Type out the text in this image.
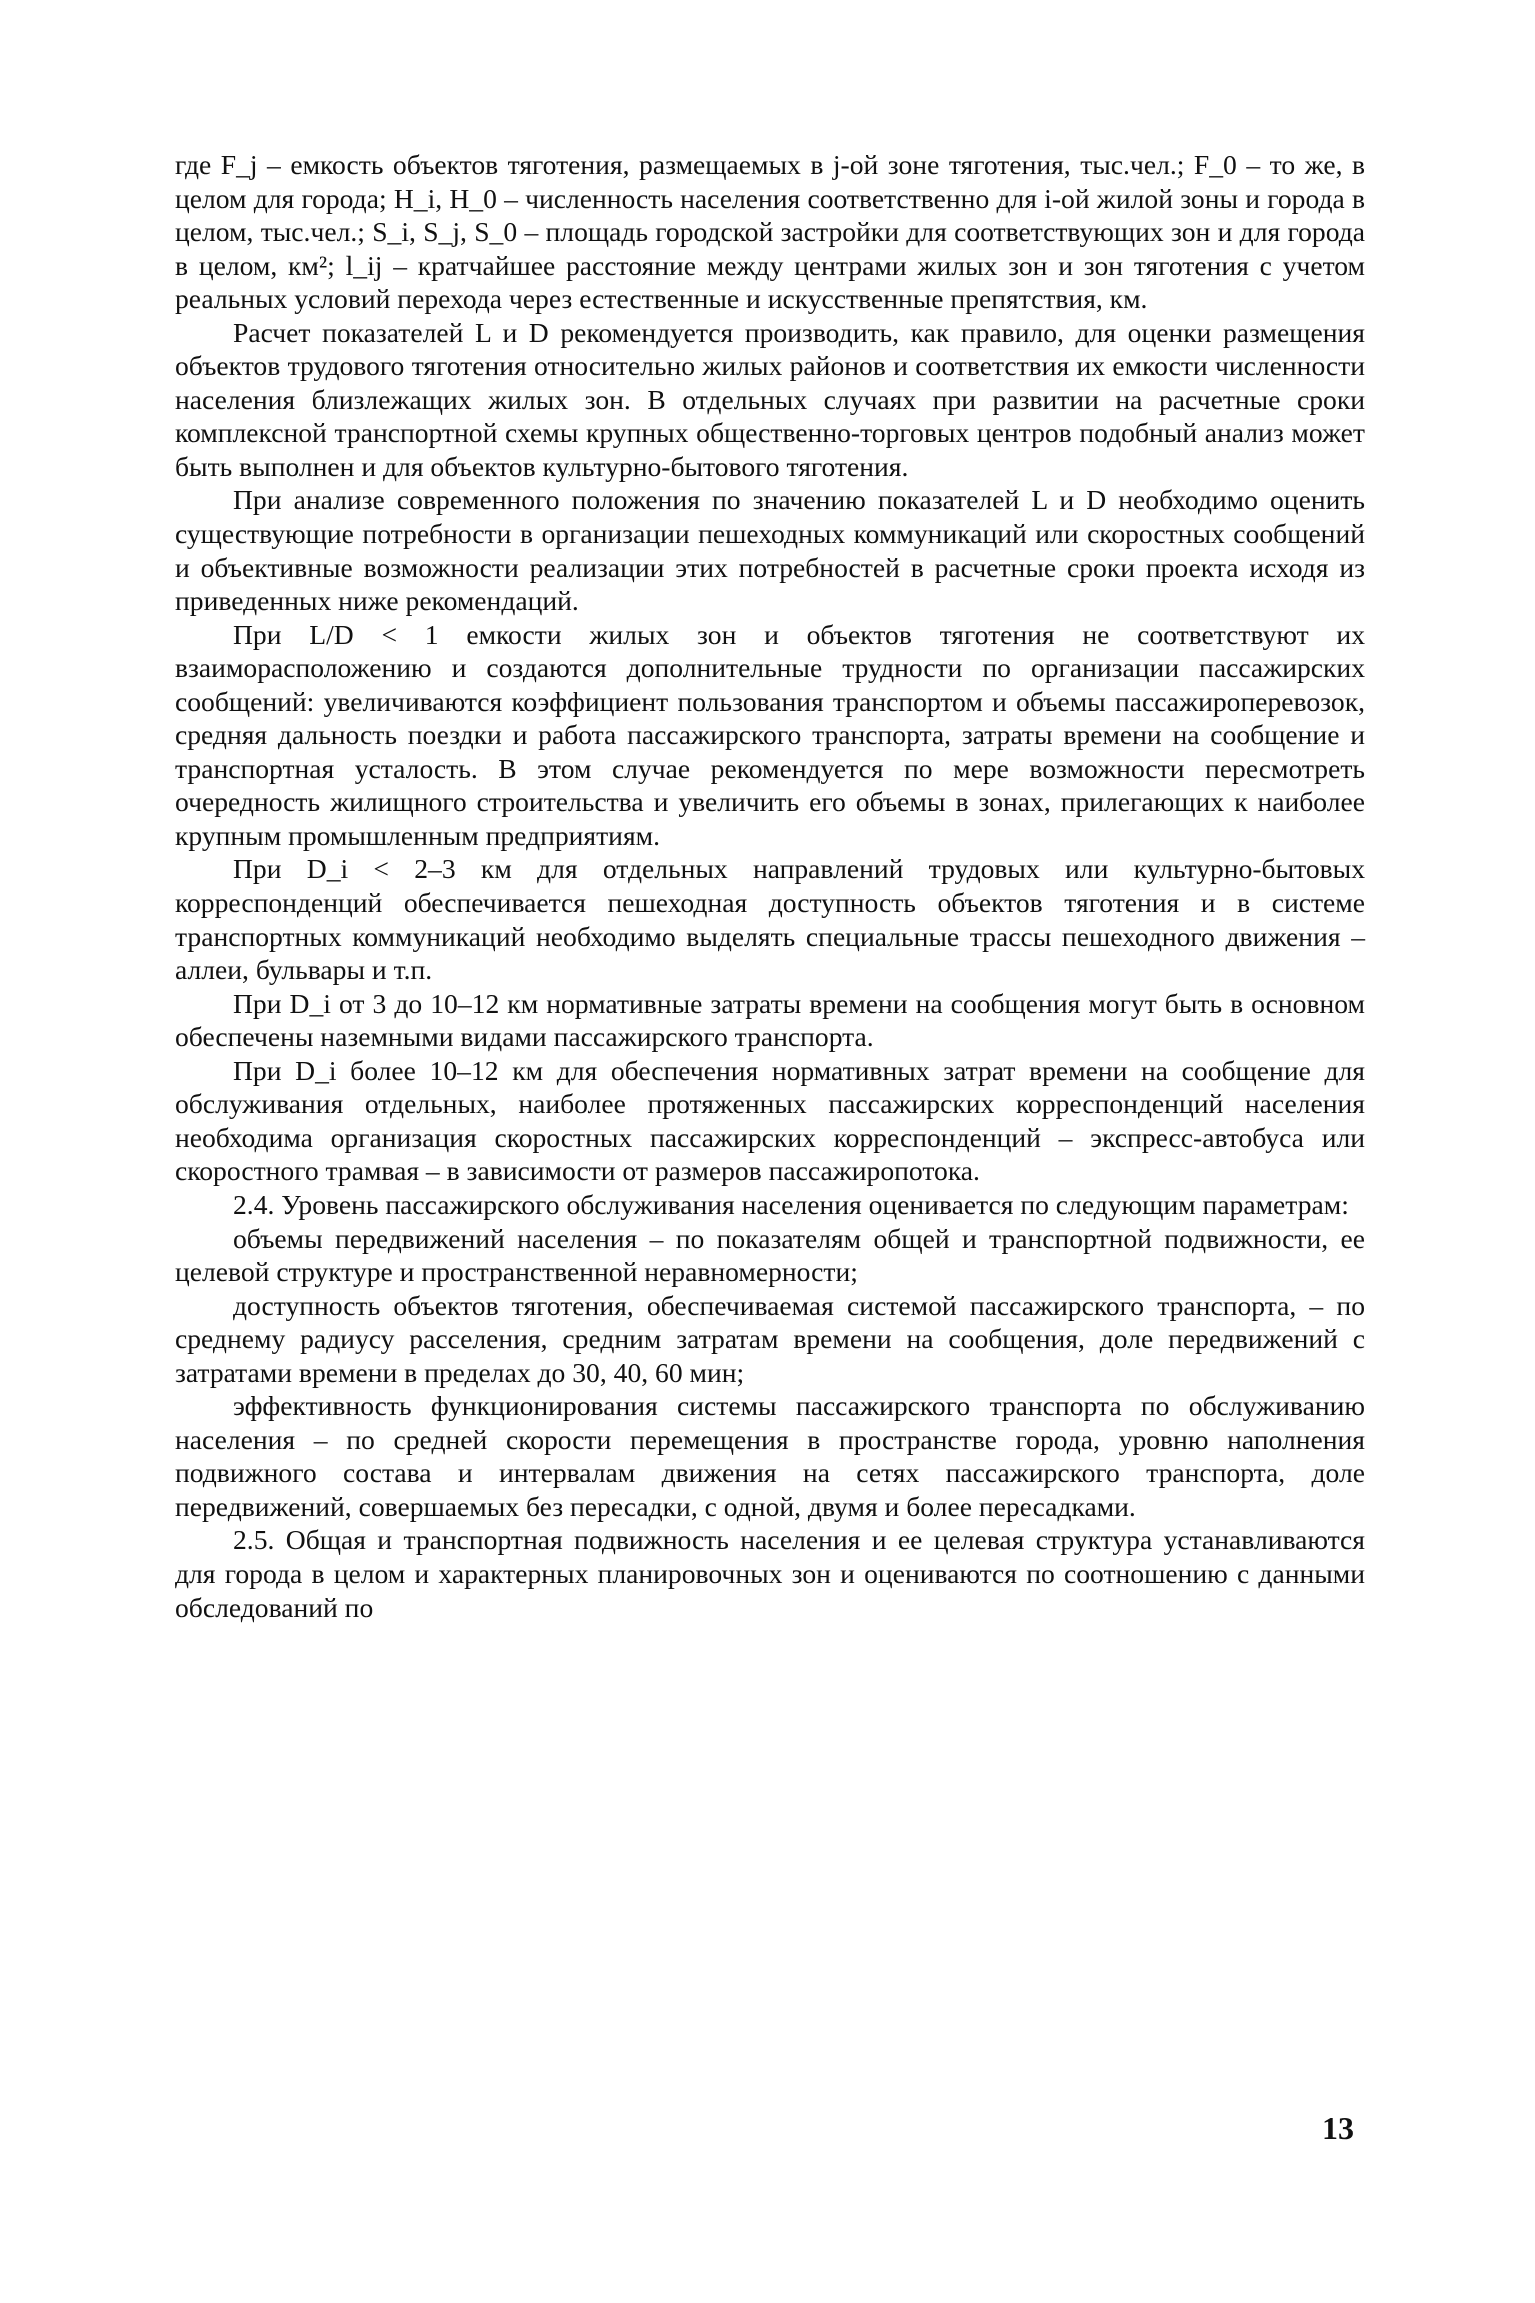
где F_j – емкость объектов тяготения, размещаемых в j-ой зоне тяготения, тыс.чел.; F_0 – то же, в целом для города; H_i, H_0 – численность населения соответственно для i-ой жилой зоны и города в целом, тыс.чел.; S_i, S_j, S_0 – площадь городской застройки для соответствующих зон и для города в целом, км²; l_ij – кратчайшее расстояние между центрами жилых зон и зон тяготения с учетом реальных условий перехода через естественные и искусственные препятствия, км.

Расчет показателей L и D рекомендуется производить, как правило, для оценки размещения объектов трудового тяготения относительно жилых районов и соответствия их емкости численности населения близлежащих жилых зон. В отдельных случаях при развитии на расчетные сроки комплексной транспортной схемы крупных общественно-торговых центров подобный анализ может быть выполнен и для объектов культурно-бытового тяготения.

При анализе современного положения по значению показателей L и D необходимо оценить существующие потребности в организации пешеходных коммуникаций или скоростных сообщений и объективные возможности реализации этих потребностей в расчетные сроки проекта исходя из приведенных ниже рекомендаций.

При L/D < 1 емкости жилых зон и объектов тяготения не соответствуют их взаиморасположению и создаются дополнительные трудности по организации пассажирских сообщений: увеличиваются коэффициент пользования транспортом и объемы пассажироперевозок, средняя дальность поездки и работа пассажирского транспорта, затраты времени на сообщение и транспортная усталость. В этом случае рекомендуется по мере возможности пересмотреть очередность жилищного строительства и увеличить его объемы в зонах, прилегающих к наиболее крупным промышленным предприятиям.

При D_i < 2–3 км для отдельных направлений трудовых или культурно-бытовых корреспонденций обеспечивается пешеходная доступность объектов тяготения и в системе транспортных коммуникаций необходимо выделять специальные трассы пешеходного движения – аллеи, бульвары и т.п.

При D_i от 3 до 10–12 км нормативные затраты времени на сообщения могут быть в основном обеспечены наземными видами пассажирского транспорта.

При D_i более 10–12 км для обеспечения нормативных затрат времени на сообщение для обслуживания отдельных, наиболее протяженных пассажирских корреспонденций населения необходима организация скоростных пассажирских корреспонденций – экспресс-автобуса или скоростного трамвая – в зависимости от размеров пассажиропотока.

2.4. Уровень пассажирского обслуживания населения оценивается по следующим параметрам:

объемы передвижений населения – по показателям общей и транспортной подвижности, ее целевой структуре и пространственной неравномерности;

доступность объектов тяготения, обеспечиваемая системой пассажирского транспорта, – по среднему радиусу расселения, средним затратам времени на сообщения, доле передвижений с затратами времени в пределах до 30, 40, 60 мин;

эффективность функционирования системы пассажирского транспорта по обслуживанию населения – по средней скорости перемещения в пространстве города, уровню наполнения подвижного состава и интервалам движения на сетях пассажирского транспорта, доле передвижений, совершаемых без пересадки, с одной, двумя и более пересадками.

2.5. Общая и транспортная подвижность населения и ее целевая структура устанавливаются для города в целом и характерных планировочных зон и оцениваются по соотношению с данными обследований по

13
